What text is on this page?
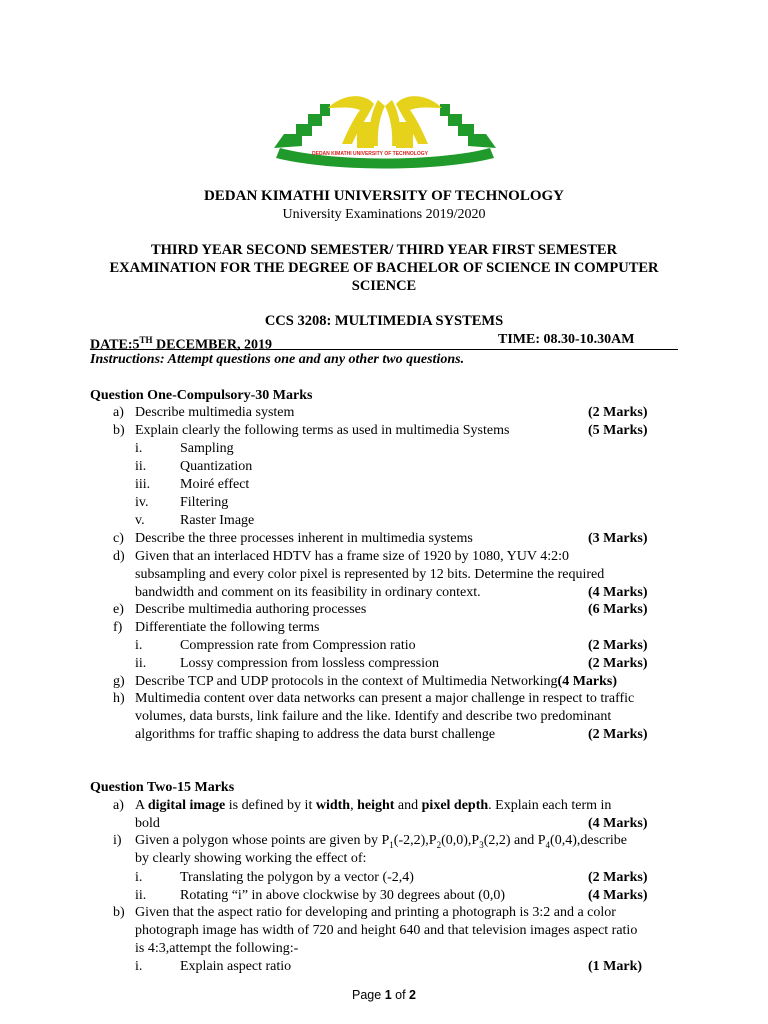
DEDAN KIMATHI UNIVERSITY OF TECHNOLOGY
DEDAN KIMATHI UNIVERSITY OF TECHNOLOGY
University Examinations 2019/2020
THIRD YEAR SECOND SEMESTER/ THIRD YEAR FIRST SEMESTER
EXAMINATION FOR THE DEGREE OF BACHELOR OF SCIENCE IN COMPUTER
SCIENCE
CCS 3208: MULTIMEDIA SYSTEMS
DATE:5TH DECEMBER, 2019	TIME: 08.30-10.30AM
Instructions: Attempt questions one and any other two questions.
Question One-Compulsory-30 Marks
a) Describe multimedia system	(2 Marks)
b) Explain clearly the following terms as used in multimedia Systems	(5 Marks)
i.	Sampling
ii. Quantization
iii. Moiré effect
iv. Filtering
v.	Raster Image
c) Describe the three processes inherent in multimedia systems	(3 Marks)
d) Given that an interlaced HDTV has a frame size of 1920 by 1080, YUV 4:2:0
subsampling and every color pixel is represented by 12 bits. Determine the required
bandwidth and comment on its feasibility in ordinary context.	(4 Marks)
e) Describe multimedia authoring processes	(6 Marks)
f) Differentiate the following terms
i.	Compression rate from Compression ratio	(2 Marks)
ii. Lossy compression from lossless compression	(2 Marks)
g) Describe TCP and UDP protocols in the context of Multimedia Networking(4 Marks)
h) Multimedia content over data networks can present a major challenge in respect to traffic
volumes, data bursts, link failure and the like. Identify and describe two predominant
algorithms for traffic shaping to address the data burst challenge	(2 Marks)
Question Two-15 Marks
a) A digital image is defined by it width, height and pixel depth. Explain each term in
bold	(4 Marks)
i) Given a polygon whose points are given by $P_1(-2,2),P_2(0,0),P_3(2,2)$ and $P_4(0,4),describe$
by clearly showing working the effect of:
i.	Translating the polygon by a vector (-2,4)	(2 Marks)
ii. Rotating “i” in above clockwise by 30 degrees about (0,0)	(4 Marks)
b) Given that the aspect ratio for developing and printing a photograph is 3:2 and a color
photograph image has width of 720 and height 640 and that television images aspect ratio
is 4:3,attempt the following:-
i.	Explain aspect ratio	(1 Mark)
Page 1 of 2
